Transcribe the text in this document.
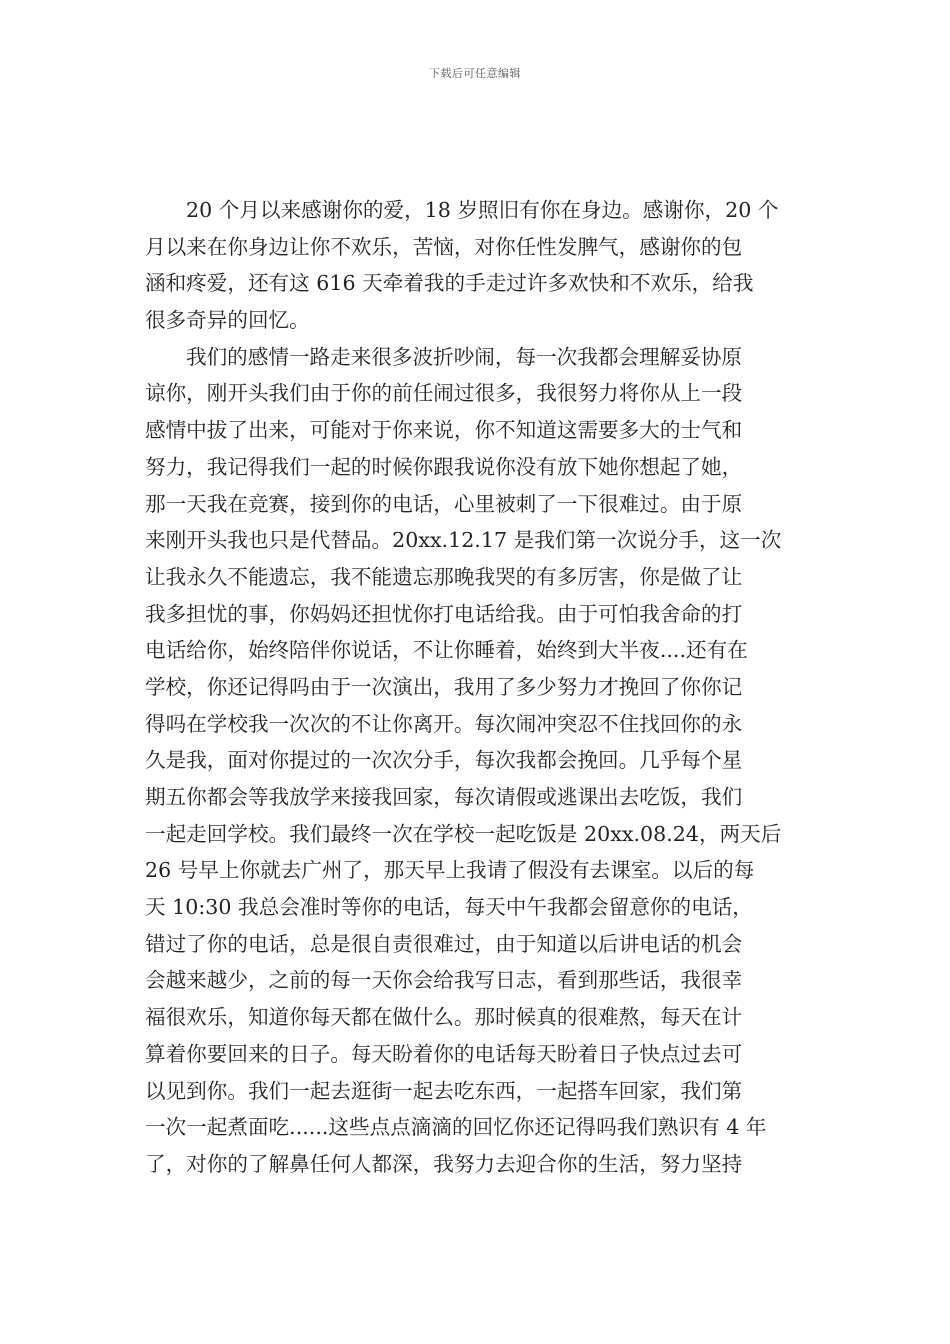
下载后可任意编辑
20 个月以来感谢你的爱，18 岁照旧有你在身边。感谢你，20 个
月以来在你身边让你不欢乐，苦恼，对你任性发脾气，感谢你的包
涵和疼爱，还有这 616 天牵着我的手走过许多欢快和不欢乐，给我
很多奇异的回忆。
我们的感情一路走来很多波折吵闹，每一次我都会理解妥协原
谅你，刚开头我们由于你的前任闹过很多，我很努力将你从上一段
感情中拔了出来，可能对于你来说，你不知道这需要多大的士气和
努力，我记得我们一起的时候你跟我说你没有放下她你想起了她，
那一天我在竞赛，接到你的电话，心里被刺了一下很难过。由于原
来刚开头我也只是代替品。20xx.12.17 是我们第一次说分手，这一次
让我永久不能遗忘，我不能遗忘那晚我哭的有多厉害，你是做了让
我多担忧的事，你妈妈还担忧你打电话给我。由于可怕我舍命的打
电话给你，始终陪伴你说话，不让你睡着，始终到大半夜....还有在
学校，你还记得吗由于一次演出，我用了多少努力才挽回了你你记
得吗在学校我一次次的不让你离开。每次闹冲突忍不住找回你的永
久是我，面对你提过的一次次分手，每次我都会挽回。几乎每个星
期五你都会等我放学来接我回家，每次请假或逃课出去吃饭，我们
一起走回学校。我们最终一次在学校一起吃饭是 20xx.08.24，两天后
26 号早上你就去广州了，那天早上我请了假没有去课室。以后的每
天 10:30 我总会准时等你的电话，每天中午我都会留意你的电话，
错过了你的电话，总是很自责很难过，由于知道以后讲电话的机会
会越来越少，之前的每一天你会给我写日志，看到那些话，我很幸
福很欢乐，知道你每天都在做什么。那时候真的很难熬，每天在计
算着你要回来的日子。每天盼着你的电话每天盼着日子快点过去可
以见到你。我们一起去逛街一起去吃东西，一起搭车回家，我们第
一次一起煮面吃......这些点点滴滴的回忆你还记得吗我们熟识有 4 年
了，对你的了解鼻任何人都深，我努力去迎合你的生活，努力坚持
